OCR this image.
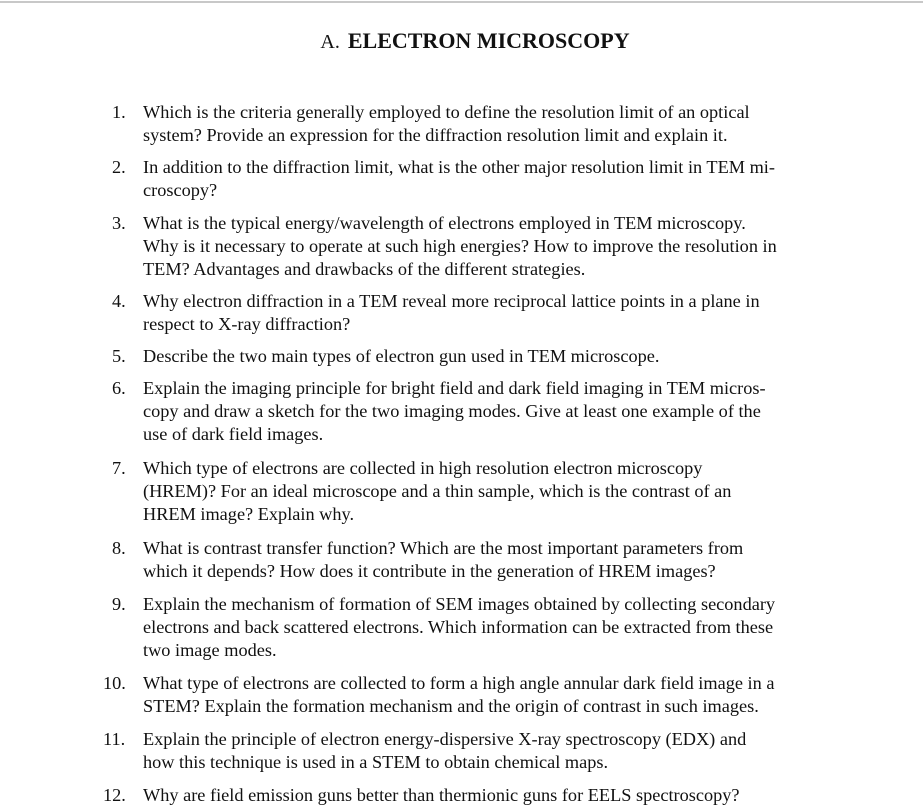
A. ELECTRON MICROSCOPY
1. Which is the criteria generally employed to define the resolution limit of an optical
system? Provide an expression for the diffraction resolution limit and explain it.
2. In addition to the diffraction limit, what is the other major resolution limit in TEM mi-
croscopy?
3. What is the typical energy/wavelength of electrons employed in TEM microscopy.
Why is it necessary to operate at such high energies? How to improve the resolution in
TEM? Advantages and drawbacks of the different strategies.
4. Why electron diffraction in a TEM reveal more reciprocal lattice points in a plane in
respect to X-ray diffraction?
5. Describe the two main types of electron gun used in TEM microscope.
6. Explain the imaging principle for bright field and dark field imaging in TEM micros-
copy and draw a sketch for the two imaging modes. Give at least one example of the
use of dark field images.
7. Which type of electrons are collected in high resolution electron microscopy
(HREM)? For an ideal microscope and a thin sample, which is the contrast of an
HREM image? Explain why.
8. What is contrast transfer function? Which are the most important parameters from
which it depends? How does it contribute in the generation of HREM images?
9. Explain the mechanism of formation of SEM images obtained by collecting secondary
electrons and back scattered electrons. Which information can be extracted from these
two image modes.
10. What type of electrons are collected to form a high angle annular dark field image in a
STEM? Explain the formation mechanism and the origin of contrast in such images.
11. Explain the principle of electron energy-dispersive X-ray spectroscopy (EDX) and
how this technique is used in a STEM to obtain chemical maps.
12. Why are field emission guns better than thermionic guns for EELS spectroscopy?
